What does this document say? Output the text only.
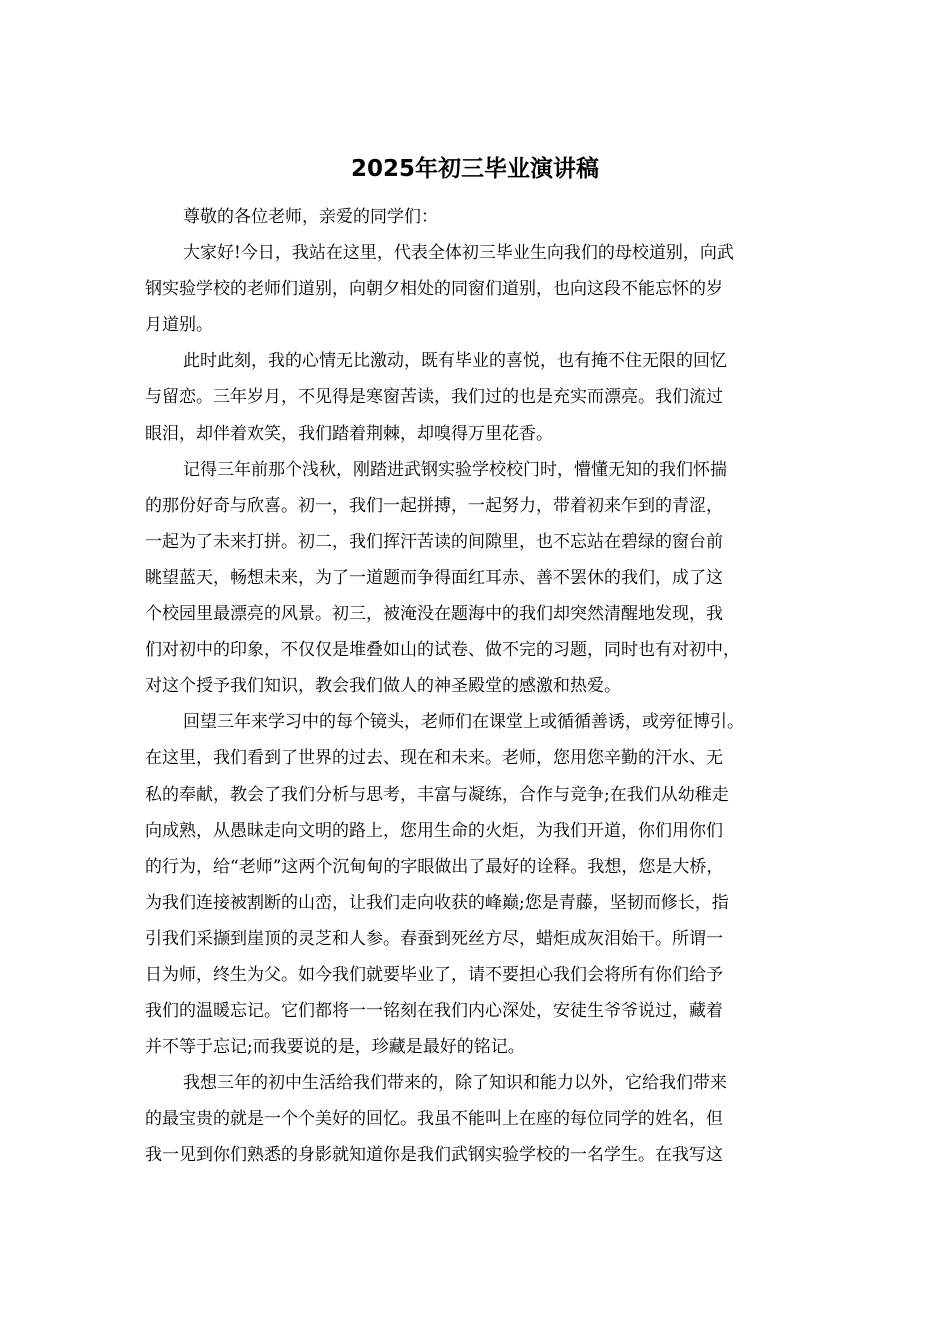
2025年初三毕业演讲稿
尊敬的各位老师，亲爱的同学们：
大家好!今日，我站在这里，代表全体初三毕业生向我们的母校道别，向武
钢实验学校的老师们道别，向朝夕相处的同窗们道别，也向这段不能忘怀的岁
月道别。
此时此刻，我的心情无比激动，既有毕业的喜悦，也有掩不住无限的回忆
与留恋。三年岁月，不见得是寒窗苦读，我们过的也是充实而漂亮。我们流过
眼泪，却伴着欢笑，我们踏着荆棘，却嗅得万里花香。
记得三年前那个浅秋，刚踏进武钢实验学校校门时，懵懂无知的我们怀揣
的那份好奇与欣喜。初一，我们一起拼搏，一起努力，带着初来乍到的青涩，
一起为了未来打拼。初二，我们挥汗苦读的间隙里，也不忘站在碧绿的窗台前
眺望蓝天，畅想未来，为了一道题而争得面红耳赤、善不罢休的我们，成了这
个校园里最漂亮的风景。初三，被淹没在题海中的我们却突然清醒地发现，我
们对初中的印象，不仅仅是堆叠如山的试卷、做不完的习题，同时也有对初中，
对这个授予我们知识，教会我们做人的神圣殿堂的感激和热爱。
回望三年来学习中的每个镜头，老师们在课堂上或循循善诱，或旁征博引。
在这里，我们看到了世界的过去、现在和未来。老师，您用您辛勤的汗水、无
私的奉献，教会了我们分析与思考，丰富与凝练，合作与竞争;在我们从幼稚走
向成熟，从愚昧走向文明的路上，您用生命的火炬，为我们开道，你们用你们
的行为，给“老师”这两个沉甸甸的字眼做出了最好的诠释。我想，您是大桥，
为我们连接被割断的山峦，让我们走向收获的峰巅;您是青藤，坚韧而修长，指
引我们采撷到崖顶的灵芝和人参。春蚕到死丝方尽，蜡炬成灰泪始干。所谓一
日为师，终生为父。如今我们就要毕业了，请不要担心我们会将所有你们给予
我们的温暖忘记。它们都将一一铭刻在我们内心深处，安徒生爷爷说过，藏着
并不等于忘记;而我要说的是，珍藏是最好的铭记。
我想三年的初中生活给我们带来的，除了知识和能力以外，它给我们带来
的最宝贵的就是一个个美好的回忆。我虽不能叫上在座的每位同学的姓名，但
我一见到你们熟悉的身影就知道你是我们武钢实验学校的一名学生。在我写这
